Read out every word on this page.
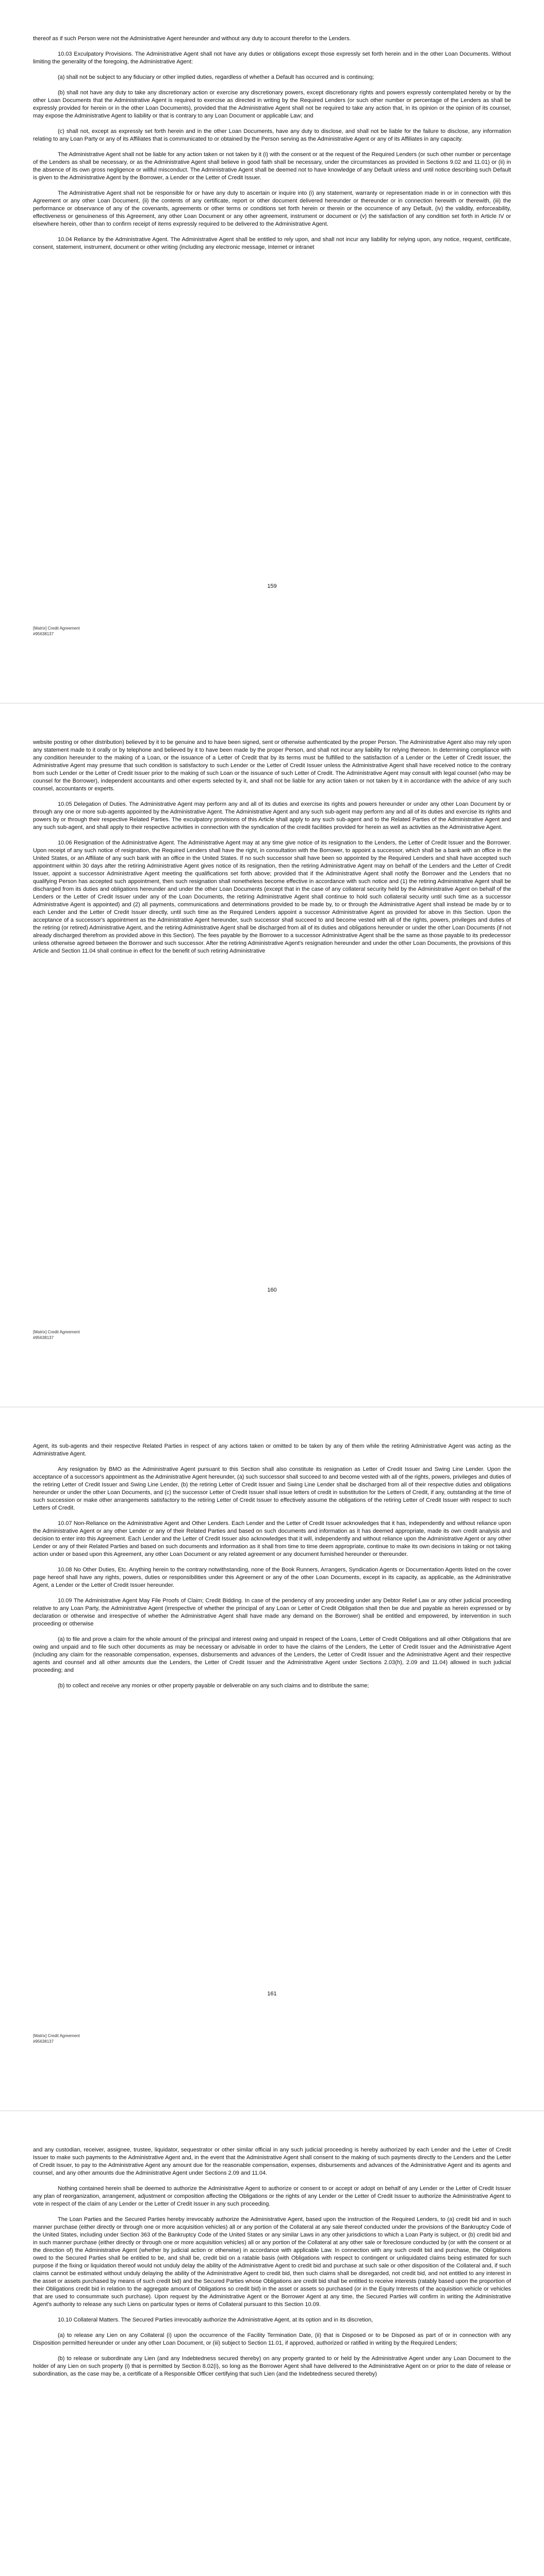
thereof as if such Person were not the Administrative Agent hereunder and without any duty to account therefor to the Lenders.

10.03 Exculpatory Provisions. The Administrative Agent shall not have any duties or obligations except those expressly set forth herein and in the other Loan Documents. Without limiting the generality of the foregoing, the Administrative Agent:

(a) shall not be subject to any fiduciary or other implied duties, regardless of whether a Default has occurred and is continuing;

(b) shall not have any duty to take any discretionary action or exercise any discretionary powers, except discretionary rights and powers expressly contemplated hereby or by the other Loan Documents that the Administrative Agent is required to exercise as directed in writing by the Required Lenders (or such other number or percentage of the Lenders as shall be expressly provided for herein or in the other Loan Documents), provided that the Administrative Agent shall not be required to take any action that, in its opinion or the opinion of its counsel, may expose the Administrative Agent to liability or that is contrary to any Loan Document or applicable Law; and

(c) shall not, except as expressly set forth herein and in the other Loan Documents, have any duty to disclose, and shall not be liable for the failure to disclose, any information relating to any Loan Party or any of its Affiliates that is communicated to or obtained by the Person serving as the Administrative Agent or any of its Affiliates in any capacity.

The Administrative Agent shall not be liable for any action taken or not taken by it (i) with the consent or at the request of the Required Lenders (or such other number or percentage of the Lenders as shall be necessary, or as the Administrative Agent shall believe in good faith shall be necessary, under the circumstances as provided in Sections 9.02 and 11.01) or (ii) in the absence of its own gross negligence or willful misconduct. The Administrative Agent shall be deemed not to have knowledge of any Default unless and until notice describing such Default is given to the Administrative Agent by the Borrower, a Lender or the Letter of Credit Issuer.

The Administrative Agent shall not be responsible for or have any duty to ascertain or inquire into (i) any statement, warranty or representation made in or in connection with this Agreement or any other Loan Document, (ii) the contents of any certificate, report or other document delivered hereunder or thereunder or in connection herewith or therewith, (iii) the performance or observance of any of the covenants, agreements or other terms or conditions set forth herein or therein or the occurrence of any Default, (iv) the validity, enforceability, effectiveness or genuineness of this Agreement, any other Loan Document or any other agreement, instrument or document or (v) the satisfaction of any condition set forth in Article IV or elsewhere herein, other than to confirm receipt of items expressly required to be delivered to the Administrative Agent.

10.04 Reliance by the Administrative Agent. The Administrative Agent shall be entitled to rely upon, and shall not incur any liability for relying upon, any notice, request, certificate, consent, statement, instrument, document or other writing (including any electronic message, Internet or intranet

159
[Matrix] Credit Agreement
#95638137

website posting or other distribution) believed by it to be genuine and to have been signed, sent or otherwise authenticated by the proper Person. The Administrative Agent also may rely upon any statement made to it orally or by telephone and believed by it to have been made by the proper Person, and shall not incur any liability for relying thereon. In determining compliance with any condition hereunder to the making of a Loan, or the issuance of a Letter of Credit that by its terms must be fulfilled to the satisfaction of a Lender or the Letter of Credit Issuer, the Administrative Agent may presume that such condition is satisfactory to such Lender or the Letter of Credit Issuer unless the Administrative Agent shall have received notice to the contrary from such Lender or the Letter of Credit Issuer prior to the making of such Loan or the issuance of such Letter of Credit. The Administrative Agent may consult with legal counsel (who may be counsel for the Borrower), independent accountants and other experts selected by it, and shall not be liable for any action taken or not taken by it in accordance with the advice of any such counsel, accountants or experts.

10.05 Delegation of Duties. The Administrative Agent may perform any and all of its duties and exercise its rights and powers hereunder or under any other Loan Document by or through any one or more sub-agents appointed by the Administrative Agent. The Administrative Agent and any such sub-agent may perform any and all of its duties and exercise its rights and powers by or through their respective Related Parties. The exculpatory provisions of this Article shall apply to any such sub-agent and to the Related Parties of the Administrative Agent and any such sub-agent, and shall apply to their respective activities in connection with the syndication of the credit facilities provided for herein as well as activities as the Administrative Agent.

10.06 Resignation of the Administrative Agent. The Administrative Agent may at any time give notice of its resignation to the Lenders, the Letter of Credit Issuer and the Borrower. Upon receipt of any such notice of resignation, the Required Lenders shall have the right, in consultation with the Borrower, to appoint a successor, which shall be a bank with an office in the United States, or an Affiliate of any such bank with an office in the United States. If no such successor shall have been so appointed by the Required Lenders and shall have accepted such appointment within 30 days after the retiring Administrative Agent gives notice of its resignation, then the retiring Administrative Agent may on behalf of the Lenders and the Letter of Credit Issuer, appoint a successor Administrative Agent meeting the qualifications set forth above; provided that if the Administrative Agent shall notify the Borrower and the Lenders that no qualifying Person has accepted such appointment, then such resignation shall nonetheless become effective in accordance with such notice and (1) the retiring Administrative Agent shall be discharged from its duties and obligations hereunder and under the other Loan Documents (except that in the case of any collateral security held by the Administrative Agent on behalf of the Lenders or the Letter of Credit Issuer under any of the Loan Documents, the retiring Administrative Agent shall continue to hold such collateral security until such time as a successor Administrative Agent is appointed) and (2) all payments, communications and determinations provided to be made by, to or through the Administrative Agent shall instead be made by or to each Lender and the Letter of Credit Issuer directly, until such time as the Required Lenders appoint a successor Administrative Agent as provided for above in this Section. Upon the acceptance of a successor's appointment as the Administrative Agent hereunder, such successor shall succeed to and become vested with all of the rights, powers, privileges and duties of the retiring (or retired) Administrative Agent, and the retiring Administrative Agent shall be discharged from all of its duties and obligations hereunder or under the other Loan Documents (if not already discharged therefrom as provided above in this Section). The fees payable by the Borrower to a successor Administrative Agent shall be the same as those payable to its predecessor unless otherwise agreed between the Borrower and such successor. After the retiring Administrative Agent's resignation hereunder and under the other Loan Documents, the provisions of this Article and Section 11.04 shall continue in effect for the benefit of such retiring Administrative

160
[Matrix] Credit Agreement
#95638137

Agent, its sub-agents and their respective Related Parties in respect of any actions taken or omitted to be taken by any of them while the retiring Administrative Agent was acting as the Administrative Agent.

Any resignation by BMO as the Administrative Agent pursuant to this Section shall also constitute its resignation as Letter of Credit Issuer and Swing Line Lender. Upon the acceptance of a successor's appointment as the Administrative Agent hereunder, (a) such successor shall succeed to and become vested with all of the rights, powers, privileges and duties of the retiring Letter of Credit Issuer and Swing Line Lender, (b) the retiring Letter of Credit Issuer and Swing Line Lender shall be discharged from all of their respective duties and obligations hereunder or under the other Loan Documents, and (c) the successor Letter of Credit Issuer shall issue letters of credit in substitution for the Letters of Credit, if any, outstanding at the time of such succession or make other arrangements satisfactory to the retiring Letter of Credit Issuer to effectively assume the obligations of the retiring Letter of Credit Issuer with respect to such Letters of Credit.

10.07 Non-Reliance on the Administrative Agent and Other Lenders. Each Lender and the Letter of Credit Issuer acknowledges that it has, independently and without reliance upon the Administrative Agent or any other Lender or any of their Related Parties and based on such documents and information as it has deemed appropriate, made its own credit analysis and decision to enter into this Agreement. Each Lender and the Letter of Credit Issuer also acknowledges that it will, independently and without reliance upon the Administrative Agent or any other Lender or any of their Related Parties and based on such documents and information as it shall from time to time deem appropriate, continue to make its own decisions in taking or not taking action under or based upon this Agreement, any other Loan Document or any related agreement or any document furnished hereunder or thereunder.

10.08 No Other Duties, Etc. Anything herein to the contrary notwithstanding, none of the Book Runners, Arrangers, Syndication Agents or Documentation Agents listed on the cover page hereof shall have any rights, powers, duties or responsibilities under this Agreement or any of the other Loan Documents, except in its capacity, as applicable, as the Administrative Agent, a Lender or the Letter of Credit Issuer hereunder.

10.09 The Administrative Agent May File Proofs of Claim; Credit Bidding. In case of the pendency of any proceeding under any Debtor Relief Law or any other judicial proceeding relative to any Loan Party, the Administrative Agent (irrespective of whether the principal of any Loan or Letter of Credit Obligation shall then be due and payable as herein expressed or by declaration or otherwise and irrespective of whether the Administrative Agent shall have made any demand on the Borrower) shall be entitled and empowered, by intervention in such proceeding or otherwise

(a) to file and prove a claim for the whole amount of the principal and interest owing and unpaid in respect of the Loans, Letter of Credit Obligations and all other Obligations that are owing and unpaid and to file such other documents as may be necessary or advisable in order to have the claims of the Lenders, the Letter of Credit Issuer and the Administrative Agent (including any claim for the reasonable compensation, expenses, disbursements and advances of the Lenders, the Letter of Credit Issuer and the Administrative Agent and their respective agents and counsel and all other amounts due the Lenders, the Letter of Credit Issuer and the Administrative Agent under Sections 2.03(h), 2.09 and 11.04) allowed in such judicial proceeding; and

(b) to collect and receive any monies or other property payable or deliverable on any such claims and to distribute the same;

161
[Matrix] Credit Agreement
#95638137

and any custodian, receiver, assignee, trustee, liquidator, sequestrator or other similar official in any such judicial proceeding is hereby authorized by each Lender and the Letter of Credit Issuer to make such payments to the Administrative Agent and, in the event that the Administrative Agent shall consent to the making of such payments directly to the Lenders and the Letter of Credit Issuer, to pay to the Administrative Agent any amount due for the reasonable compensation, expenses, disbursements and advances of the Administrative Agent and its agents and counsel, and any other amounts due the Administrative Agent under Sections 2.09 and 11.04.

Nothing contained herein shall be deemed to authorize the Administrative Agent to authorize or consent to or accept or adopt on behalf of any Lender or the Letter of Credit Issuer any plan of reorganization, arrangement, adjustment or composition affecting the Obligations or the rights of any Lender or the Letter of Credit Issuer to authorize the Administrative Agent to vote in respect of the claim of any Lender or the Letter of Credit Issuer in any such proceeding.

The Loan Parties and the Secured Parties hereby irrevocably authorize the Administrative Agent, based upon the instruction of the Required Lenders, to (a) credit bid and in such manner purchase (either directly or through one or more acquisition vehicles) all or any portion of the Collateral at any sale thereof conducted under the provisions of the Bankruptcy Code of the United States, including under Section 363 of the Bankruptcy Code of the United States or any similar Laws in any other jurisdictions to which a Loan Party is subject, or (b) credit bid and in such manner purchase (either directly or through one or more acquisition vehicles) all or any portion of the Collateral at any other sale or foreclosure conducted by (or with the consent or at the direction of) the Administrative Agent (whether by judicial action or otherwise) in accordance with applicable Law. In connection with any such credit bid and purchase, the Obligations owed to the Secured Parties shall be entitled to be, and shall be, credit bid on a ratable basis (with Obligations with respect to contingent or unliquidated claims being estimated for such purpose if the fixing or liquidation thereof would not unduly delay the ability of the Administrative Agent to credit bid and purchase at such sale or other disposition of the Collateral and, if such claims cannot be estimated without unduly delaying the ability of the Administrative Agent to credit bid, then such claims shall be disregarded, not credit bid, and not entitled to any interest in the asset or assets purchased by means of such credit bid) and the Secured Parties whose Obligations are credit bid shall be entitled to receive interests (ratably based upon the proportion of their Obligations credit bid in relation to the aggregate amount of Obligations so credit bid) in the asset or assets so purchased (or in the Equity Interests of the acquisition vehicle or vehicles that are used to consummate such purchase). Upon request by the Administrative Agent or the Borrower Agent at any time, the Secured Parties will confirm in writing the Administrative Agent's authority to release any such Liens on particular types or items of Collateral pursuant to this Section 10.09.

10.10 Collateral Matters. The Secured Parties irrevocably authorize the Administrative Agent, at its option and in its discretion,

(a) to release any Lien on any Collateral (i) upon the occurrence of the Facility Termination Date, (ii) that is Disposed or to be Disposed as part of or in connection with any Disposition permitted hereunder or under any other Loan Document, or (iii) subject to Section 11.01, if approved, authorized or ratified in writing by the Required Lenders;

(b) to release or subordinate any Lien (and any Indebtedness secured thereby) on any property granted to or held by the Administrative Agent under any Loan Document to the holder of any Lien on such property (i) that is permitted by Section 8.02(i), so long as the Borrower Agent shall have delivered to the Administrative Agent on or prior to the date of release or subordination, as the case may be, a certificate of a Responsible Officer certifying that such Lien (and the Indebtedness secured thereby)
